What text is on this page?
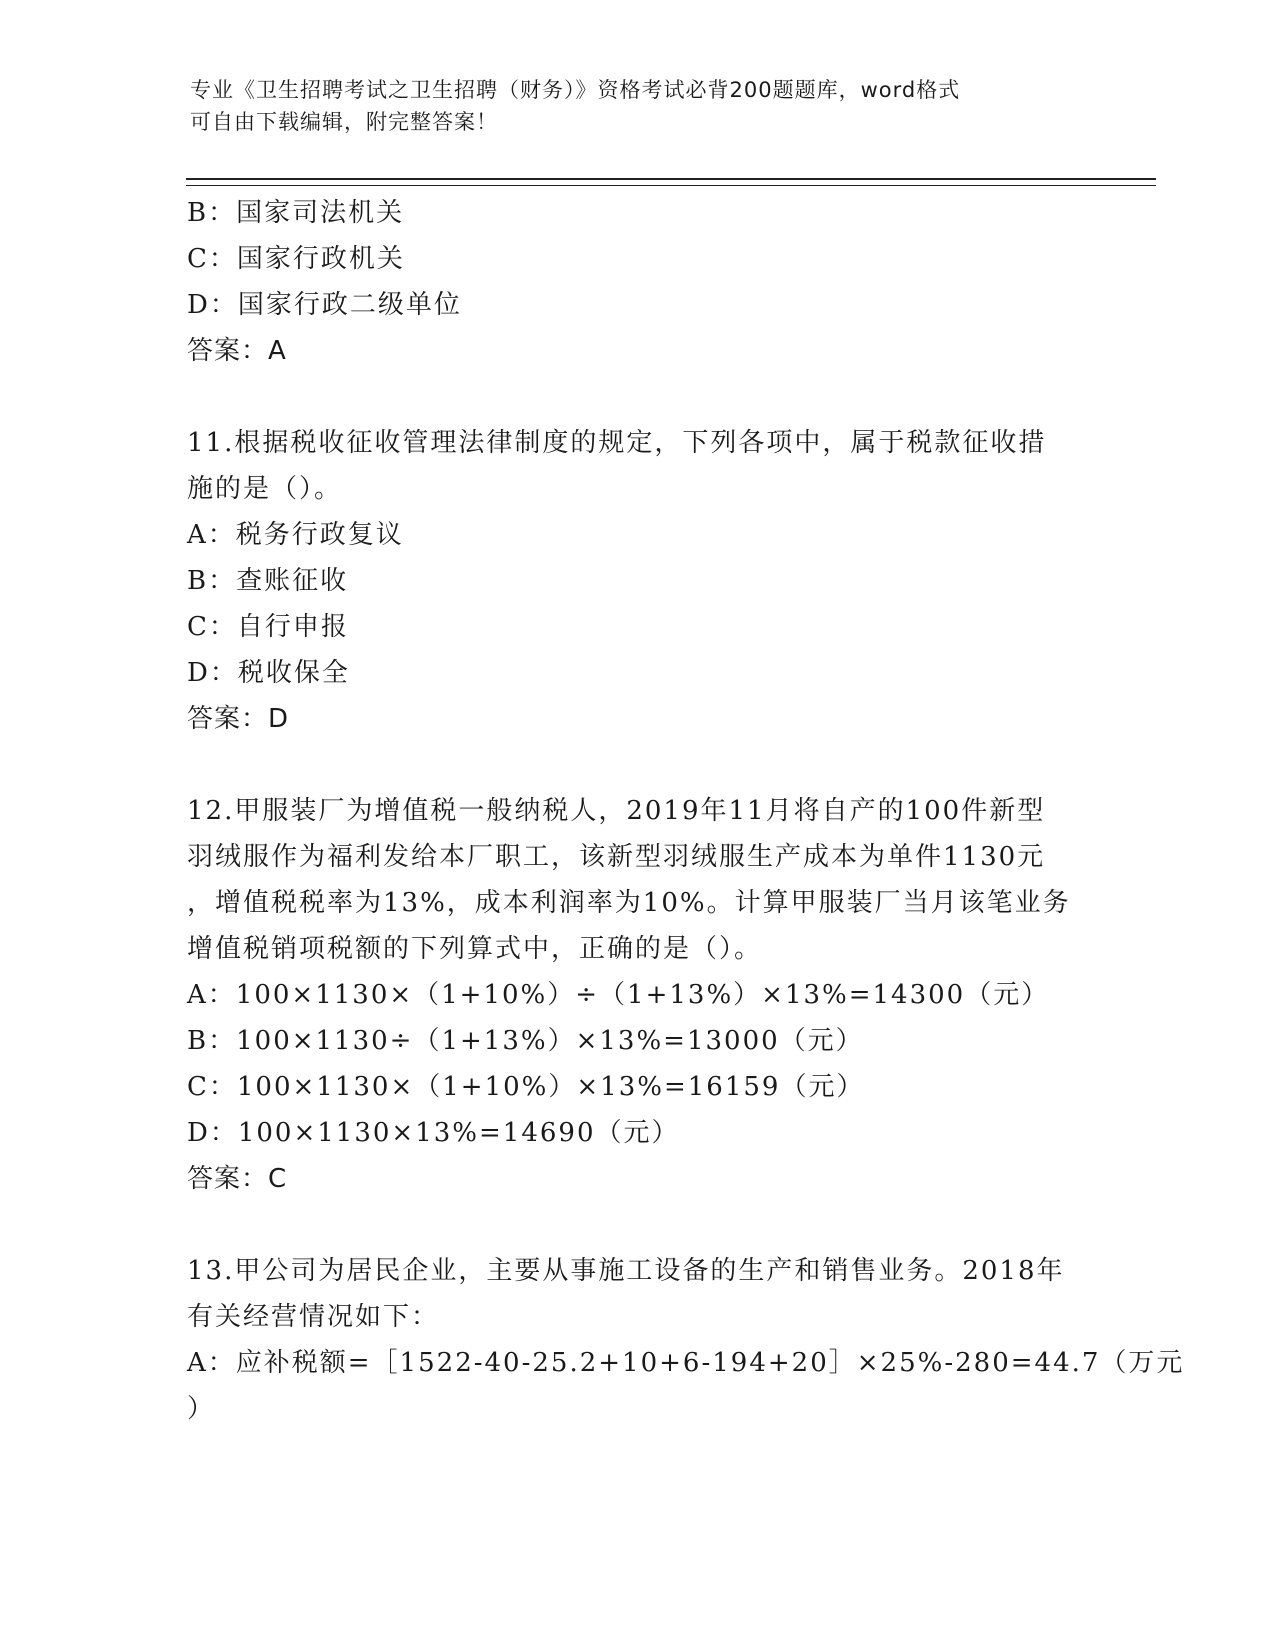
专业《卫生招聘考试之卫生招聘（财务）》资格考试必背200题题库，word格式
可自由下载编辑，附完整答案！
B：国家司法机关
C：国家行政机关
D：国家行政二级单位
答案：A
11.根据税收征收管理法律制度的规定，下列各项中，属于税款征收措
施的是（）。
A：税务行政复议
B：查账征收
C：自行申报
D：税收保全
答案：D
12.甲服装厂为增值税一般纳税人，2019年11月将自产的100件新型
羽绒服作为福利发给本厂职工，该新型羽绒服生产成本为单件1130元
，增值税税率为13%，成本利润率为10%。计算甲服装厂当月该笔业务
增值税销项税额的下列算式中，正确的是（）。
A：100×1130×（1+10%）÷（1+13%）×13%=14300（元）
B：100×1130÷（1+13%）×13%=13000（元）
C：100×1130×（1+10%）×13%=16159（元）
D：100×1130×13%=14690（元）
答案：C
13.甲公司为居民企业，主要从事施工设备的生产和销售业务。2018年
有关经营情况如下：
A：应补税额=［1522-40-25.2+10+6-194+20］×25%-280=44.7（万元
）
